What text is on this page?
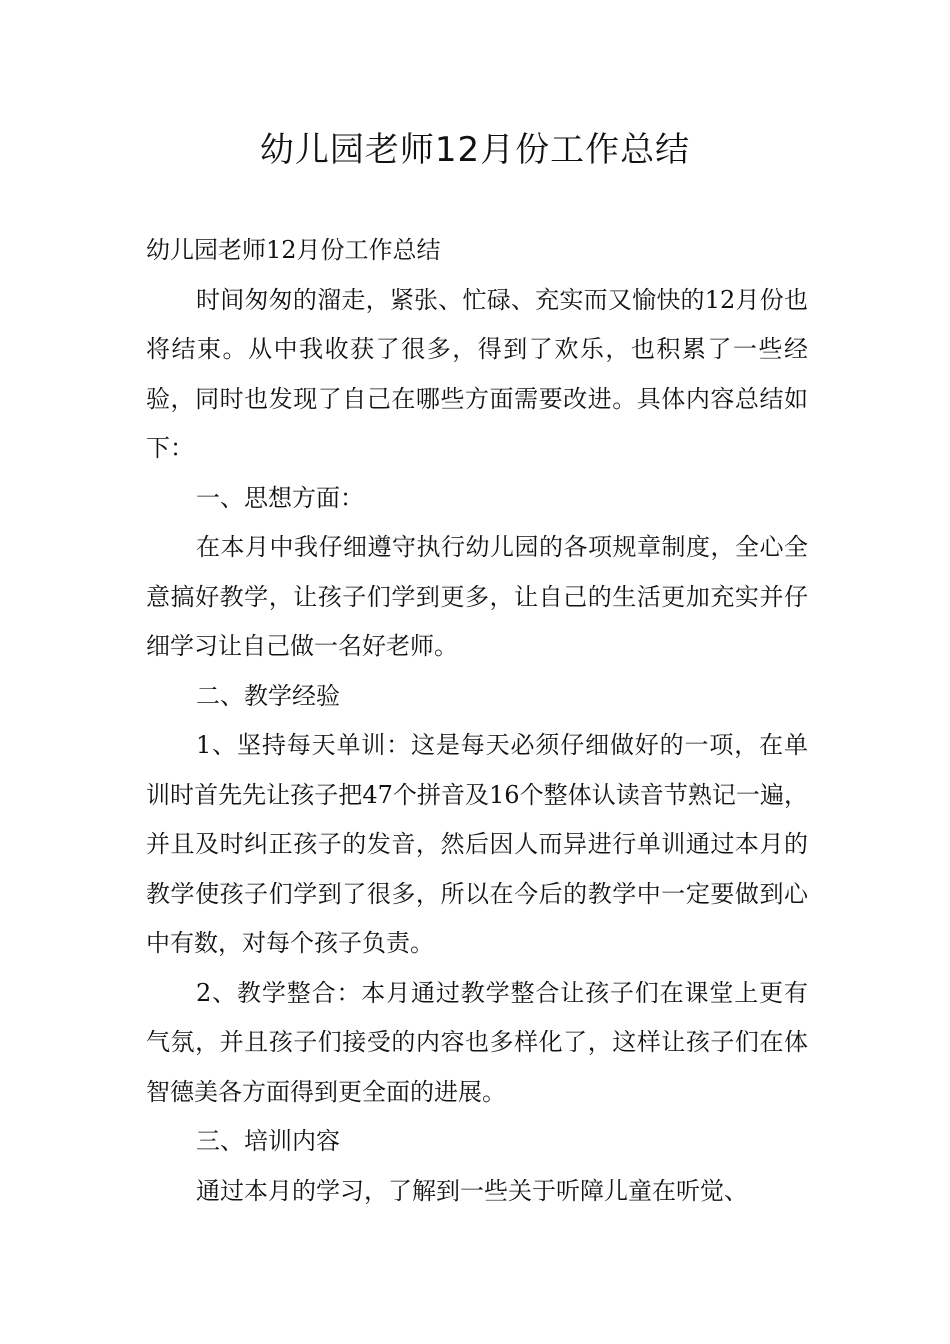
幼儿园老师12月份工作总结

幼儿园老师12月份工作总结

时间匆匆的溜走，紧张、忙碌、充实而又愉快的12月份也将结束。从中我收获了很多，得到了欢乐，也积累了一些经验，同时也发现了自己在哪些方面需要改进。具体内容总结如下：

一、思想方面：

在本月中我仔细遵守执行幼儿园的各项规章制度，全心全意搞好教学，让孩子们学到更多，让自己的生活更加充实并仔细学习让自己做一名好老师。

二、教学经验

1、坚持每天单训：这是每天必须仔细做好的一项，在单训时首先先让孩子把47个拼音及16个整体认读音节熟记一遍，并且及时纠正孩子的发音，然后因人而异进行单训通过本月的教学使孩子们学到了很多，所以在今后的教学中一定要做到心中有数，对每个孩子负责。

2、教学整合：本月通过教学整合让孩子们在课堂上更有气氛，并且孩子们接受的内容也多样化了，这样让孩子们在体智德美各方面得到更全面的进展。

三、培训内容

通过本月的学习，了解到一些关于听障儿童在听觉、
